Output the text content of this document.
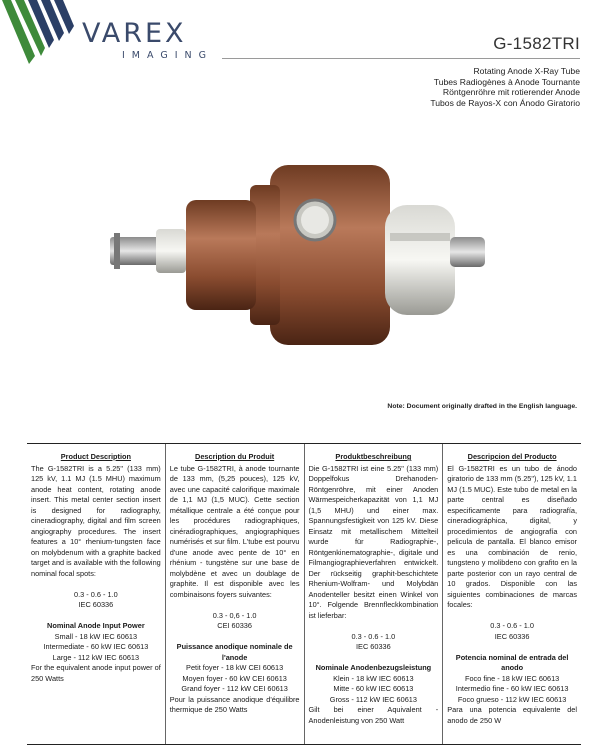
VAREX
IMAGING
G-1582TRI
Rotating Anode X-Ray Tube
Tubes Radiogènes à Anode Tournante
Röntgenröhre mit rotierender Anode
Tubos de Rayos-X con Ánodo Giratorio
Note: Document originally drafted in the English language.
Product Description
The G-1582TRI is a 5.25" (133 mm) 125 kV, 1.1 MJ (1.5 MHU) maximum anode heat content, rotating anode insert. This metal center section insert is designed for radiography, cineradiography, digital and film screen angiography procedures. The insert features a 10° rhenium-tungsten face on molybdenum with a graphite backed target and is available with the following nominal focal spots:
0.3 - 0.6 - 1.0
IEC 60336
Nominal Anode Input Power
Small - 18 kW IEC 60613
Intermediate - 60 kW IEC 60613
Large - 112 kW IEC 60613
For the equivalent anode input power of 250 Watts
Description du Produit
Le tube G-1582TRI, à anode tournante de 133 mm, (5,25 pouces), 125 kV, avec une capacité calorifique maximale de 1,1 MJ (1,5 MUC). Cette section métallique centrale a été conçue pour les procédures radiographiques, cinéradiographiques, angiographiques numérisés et sur film. L'tube est pourvu d'une anode avec pente de 10° en rhénium - tungstène sur une base de molybdène et avec un doublage de graphite. Il est disponible avec les combinaisons foyers suivantes:
0.3 - 0,6 - 1.0
CEI 60336
Puissance anodique nominale de l'anode
Petit foyer - 18 kW CEI 60613
Moyen foyer - 60 kW CEI 60613
Grand foyer - 112 kW CEI 60613
Pour la puissance anodique d'équilibre thermique de 250 Watts
Produktbeschreibung
Die G-1582TRI ist eine 5.25" (133 mm) Doppelfokus Drehanoden-Röntgenröhre, mit einer Anoden Wärmespeicherkapazität von 1,1 MJ (1,5 MHU) und einer max. Spannungsfestigkeit von 125 kV. Diese Einsatz mit metallischem Mittelteil wurde für Radiographie-, Röntgenkinematographie-, digitale und Filmangiographieverfahren entwickelt. Der rückseitig graphit-beschichtete Rhenium-Wolfram- und Molybdän Anodenteller besitzt einen Winkel von 10°. Folgende Brennfleckkombination ist lieferbar:
0.3 - 0.6 - 1.0
IEC 60336
Nominale Anodenbezugsleistung
Klein - 18 kW IEC 60613
Mitte - 60 kW IEC 60613
Gross - 112 kW IEC 60613
Gilt bei einer Aquivalent - Anodenleistung von 250 Watt
Descripcion del Producto
El G-1582TRI es un tubo de ánodo giratorio de 133 mm (5.25"), 125 kV, 1.1 MJ (1.5 MUC). Este tubo de metal en la parte central es diseñado especificamente para radiografía, cineradiográphica, digital, y procedimientos de angiografía con pelicula de pantalla. El blanco emisor es una combinación de renio, tungsteno y molibdeno con grafito en la parte posterior con un rayo central de 10 grados. Disponible con las siguientes combinaciones de marcas focales:
0.3 - 0.6 - 1.0
IEC 60336
Potencia nominal de entrada del anodo
Foco fine - 18 kW IEC 60613
Intermedio fine - 60 kW IEC 60613
Foco grueso - 112 kW IEC 60613
Para una potencia equivalente del anodo de 250 W
